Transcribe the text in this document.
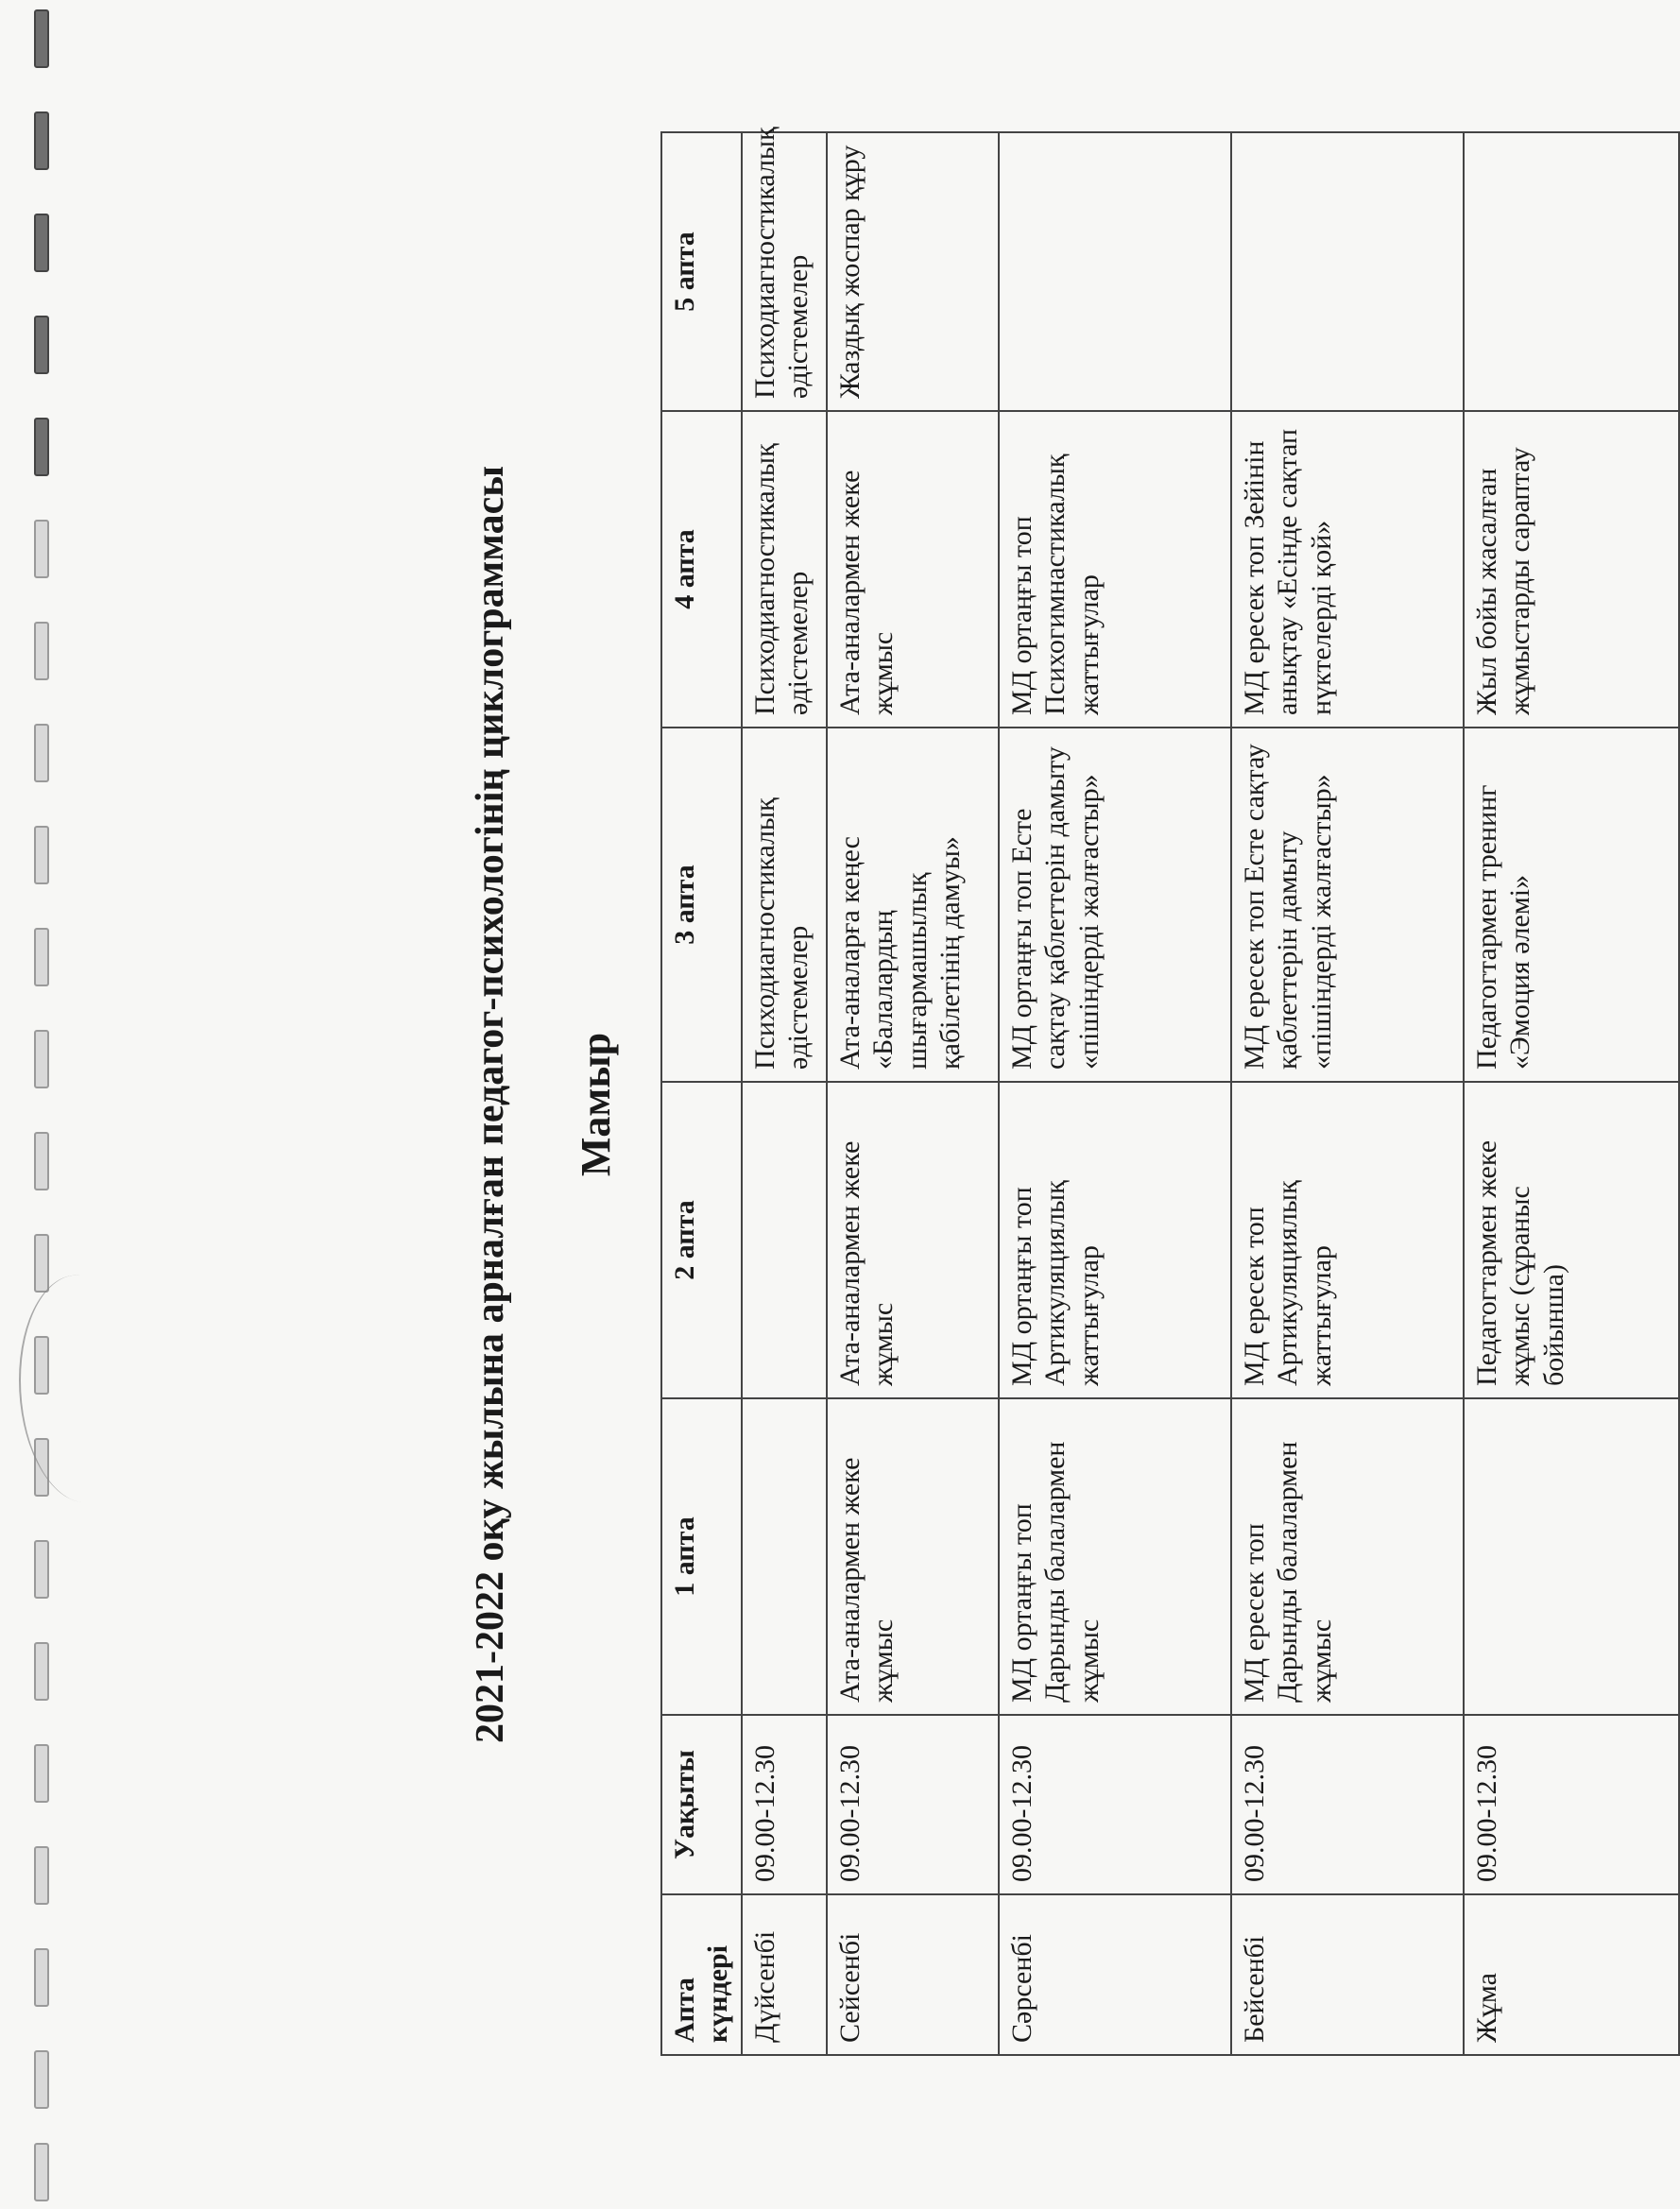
2021-2022 оқу жылына арналған педагог-психологінің циклограммасы Мамыр
Апта күндері	Уақыты	1 апта	2 апта	3 апта	4 апта	5 апта
Дүйсенбі	09.00-12.30			Психодиагностикалық әдістемелер	Психодиагностикалық әдістемелер	Психодиагностикалық әдістемелер
Сейсенбі	09.00-12.30	Ата-аналармен жеке жұмыс	Ата-аналармен жеке жұмыс	Ата-аналарға кеңес «Балалардың шығармашылық қабілетінің дамуы»	Ата-аналармен жеке жұмыс	Жаздық жоспар құру
Сәрсенбі	09.00-12.30	МД ортаңғы топ Дарынды балалармен жұмыс	МД ортаңғы топ Артикуляциялық жаттығулар	МД ортаңғы топ Есте сақтау қаблеттерін дамыту «пішіндерді жалғастыр»	МД ортаңғы топ Психогимнастикалық жаттығулар	
Бейсенбі	09.00-12.30	МД ересек топ Дарынды балалармен жұмыс	МД ересек топ Артикуляциялық жаттығулар	МД ересек топ Есте сақтау қаблеттерін дамыту «пішіндерді жалғастыр»	МД ересек топ Зейінін анықтау «Есінде сақтап нүктелерді қой»	
Жұма	09.00-12.30		Педагогтармен жеке жұмыс (сұраныс бойынша)	Педагогтармен тренинг «Эмоция әлемі»	Жыл бойы жасалған жұмыстарды сараптау	
